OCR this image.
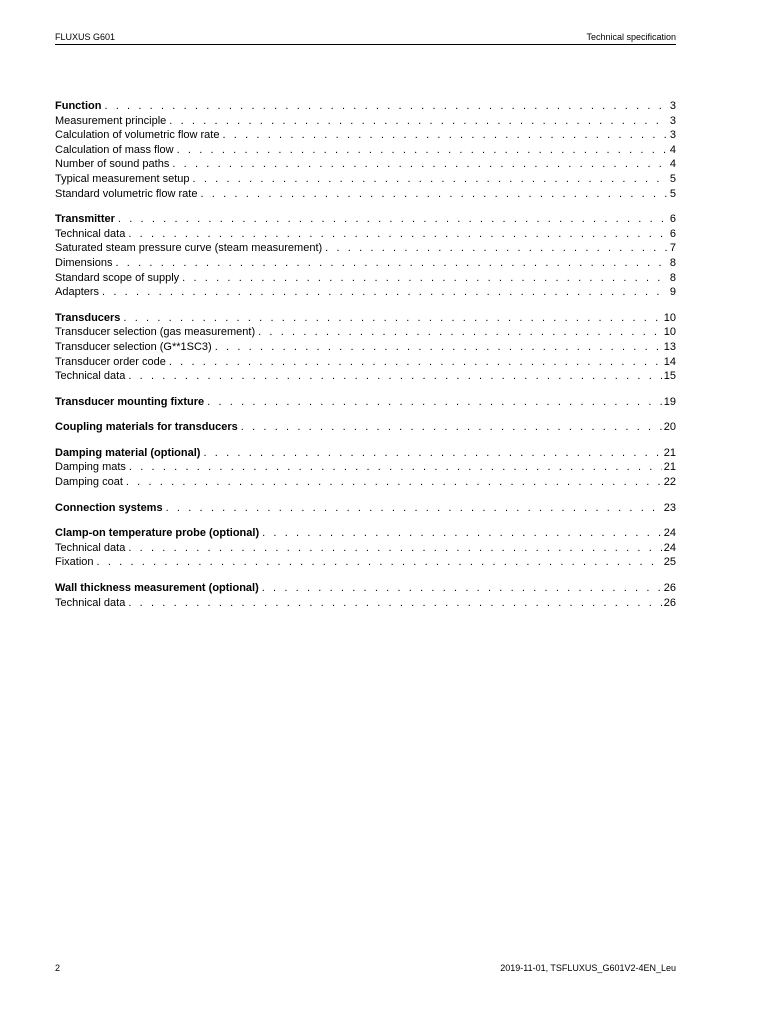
FLUXUS G601	Technical specification
Function . . .	3
Measurement principle . . .	3
Calculation of volumetric flow rate . . .	3
Calculation of mass flow . . .	4
Number of sound paths . . .	4
Typical measurement setup . . .	5
Standard volumetric flow rate . . .	5
Transmitter . . .	6
Technical data . . .	6
Saturated steam pressure curve (steam measurement) . . .	7
Dimensions . . .	8
Standard scope of supply . . .	8
Adapters . . .	9
Transducers . . .	10
Transducer selection (gas measurement) . . .	10
Transducer selection (G**1SC3) . . .	13
Transducer order code . . .	14
Technical data . . .	15
Transducer mounting fixture . . .	19
Coupling materials for transducers . . .	20
Damping material (optional) . . .	21
Damping mats . . .	21
Damping coat . . .	22
Connection systems . . .	23
Clamp-on temperature probe (optional) . . .	24
Technical data . . .	24
Fixation . . .	25
Wall thickness measurement (optional) . . .	26
Technical data . . .	26
2	2019-11-01, TSFLUXUS_G601V2-4EN_Leu
